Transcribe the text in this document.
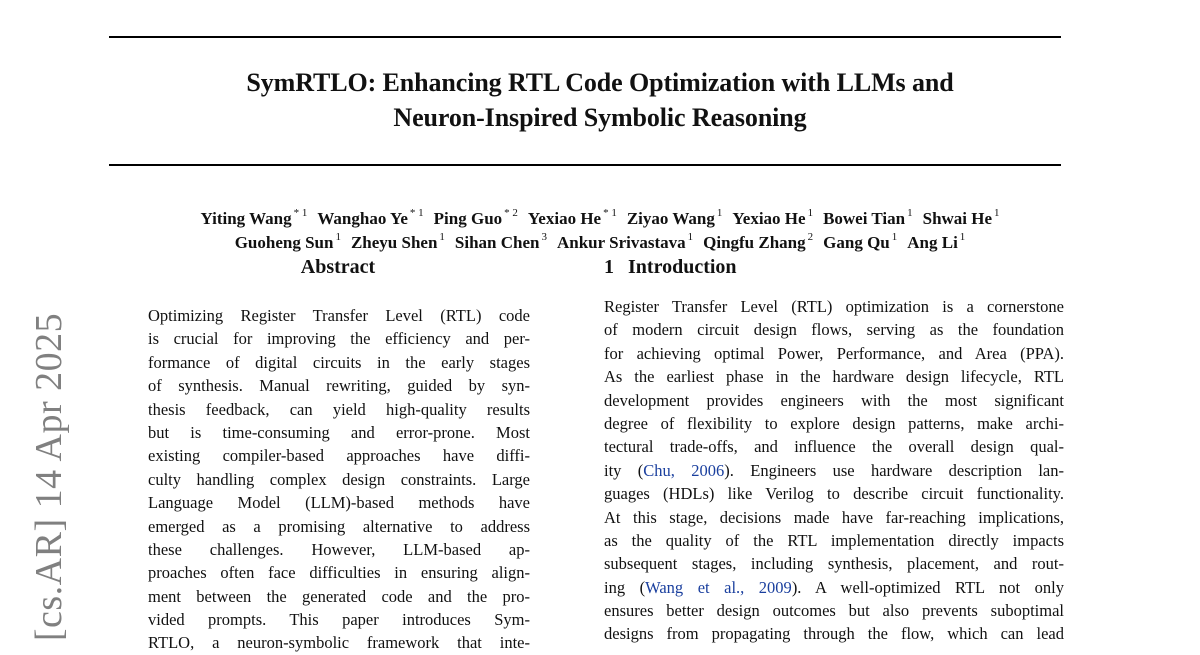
SymRTLO: Enhancing RTL Code Optimization with LLMs and
Neuron-Inspired Symbolic Reasoning
Yiting Wang $^{* 1}$ Wanghao Ye $^{* 1}$ Ping Guo $^{* 2}$ Yexiao He $^{* 1}$ Ziyao Wang $^1$ Yexiao He $^1$ Bowei Tian $^1$ Shwai He $^1$
Guoheng Sun $^1$ Zheyu Shen $^1$ Sihan Chen $^3$ Ankur Srivastava $^1$ Qingfu Zhang $^2$ Gang Qu $^1$ Ang Li $^1$
Abstract	1 Introduction
Optimizing Register Transfer Level (RTL) code
is crucial for improving the efficiency and per-
formance of digital circuits in the early stages
of synthesis. Manual rewriting, guided by syn-
thesis feedback, can yield high-quality results
but is time-consuming and error-prone. Most
existing compiler-based approaches have diffi-
culty handling complex design constraints. Large
Language Model (LLM)-based methods have
emerged as a promising alternative to address
these challenges. However, LLM-based ap-
proaches often face difficulties in ensuring align-
ment between the generated code and the pro-
vided prompts. This paper introduces Sym-
RTLO, a neuron-symbolic framework that inte-
Register Transfer Level (RTL) optimization is a cornerstone
of modern circuit design flows, serving as the foundation
for achieving optimal Power, Performance, and Area (PPA).
As the earliest phase in the hardware design lifecycle, RTL
development provides engineers with the most significant
degree of flexibility to explore design patterns, make archi-
tectural trade-offs, and influence the overall design qual-
ity (Chu, 2006). Engineers use hardware description lan-
guages (HDLs) like Verilog to describe circuit functionality.
At this stage, decisions made have far-reaching implications,
as the quality of the RTL implementation directly impacts
subsequent stages, including synthesis, placement, and rout-
ing (Wang et al., 2009). A well-optimized RTL not only
ensures better design outcomes but also prevents suboptimal
designs from propagating through the flow, which can lead
[cs.AR] 14 Apr 2025
